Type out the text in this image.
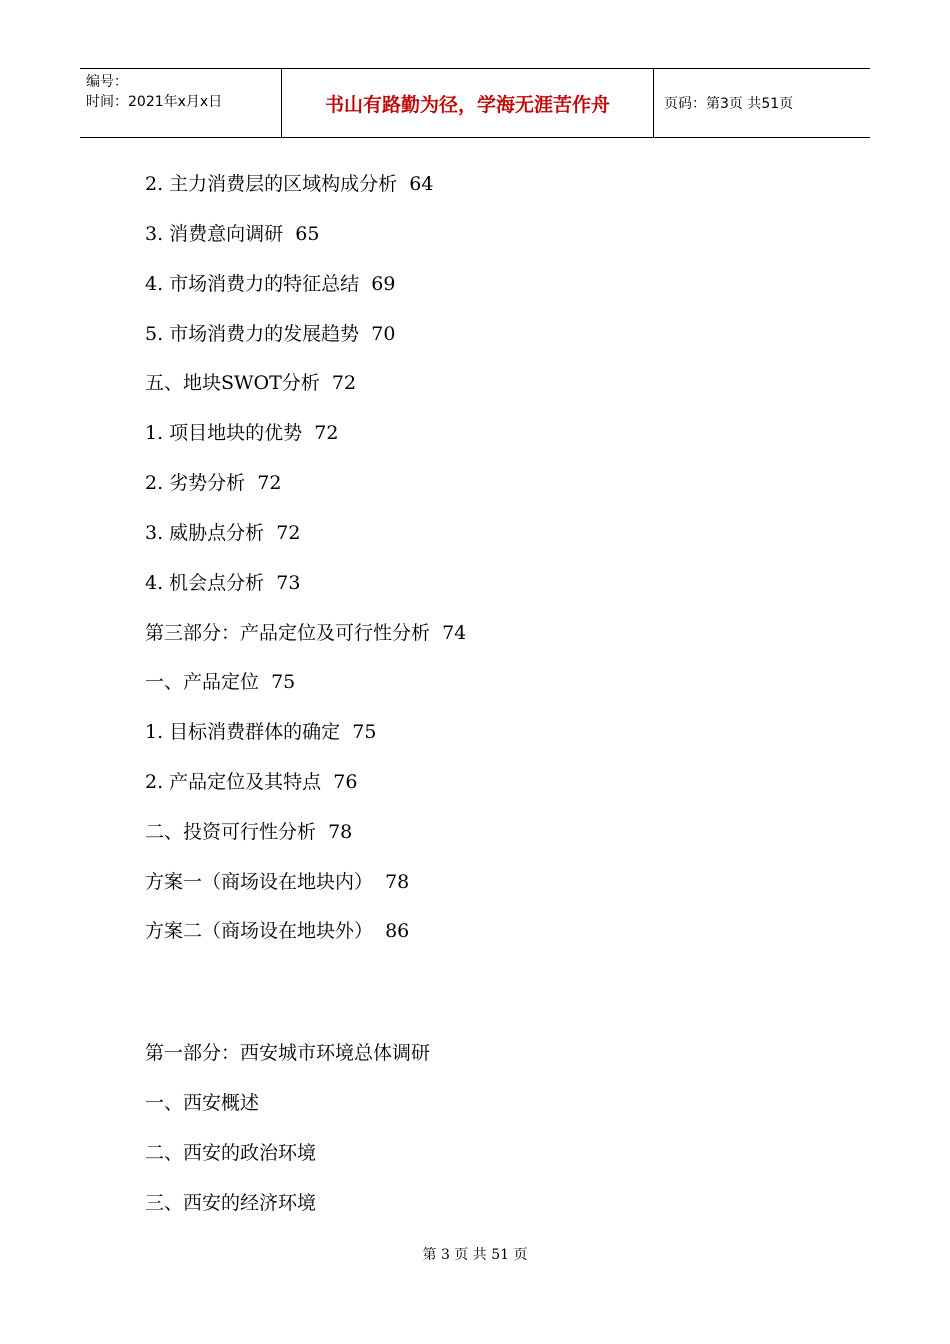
编号：
时间：2021年x月x日	书山有路勤为径，学海无涯苦作舟	页码：第3页 共51页
2. 主力消费层的区域构成分析  64
3. 消费意向调研  65
4. 市场消费力的特征总结  69
5. 市场消费力的发展趋势  70
五、地块SWOT分析  72
1. 项目地块的优势  72
2. 劣势分析  72
3. 威胁点分析  72
4. 机会点分析  73
第三部分：产品定位及可行性分析  74
一、产品定位  75
1. 目标消费群体的确定  75
2. 产品定位及其特点  76
二、投资可行性分析  78
方案一（商场设在地块内）  78
方案二（商场设在地块外）  86
第一部分：西安城市环境总体调研
一、西安概述
二、西安的政治环境
三、西安的经济环境
第 3 页 共 51 页
